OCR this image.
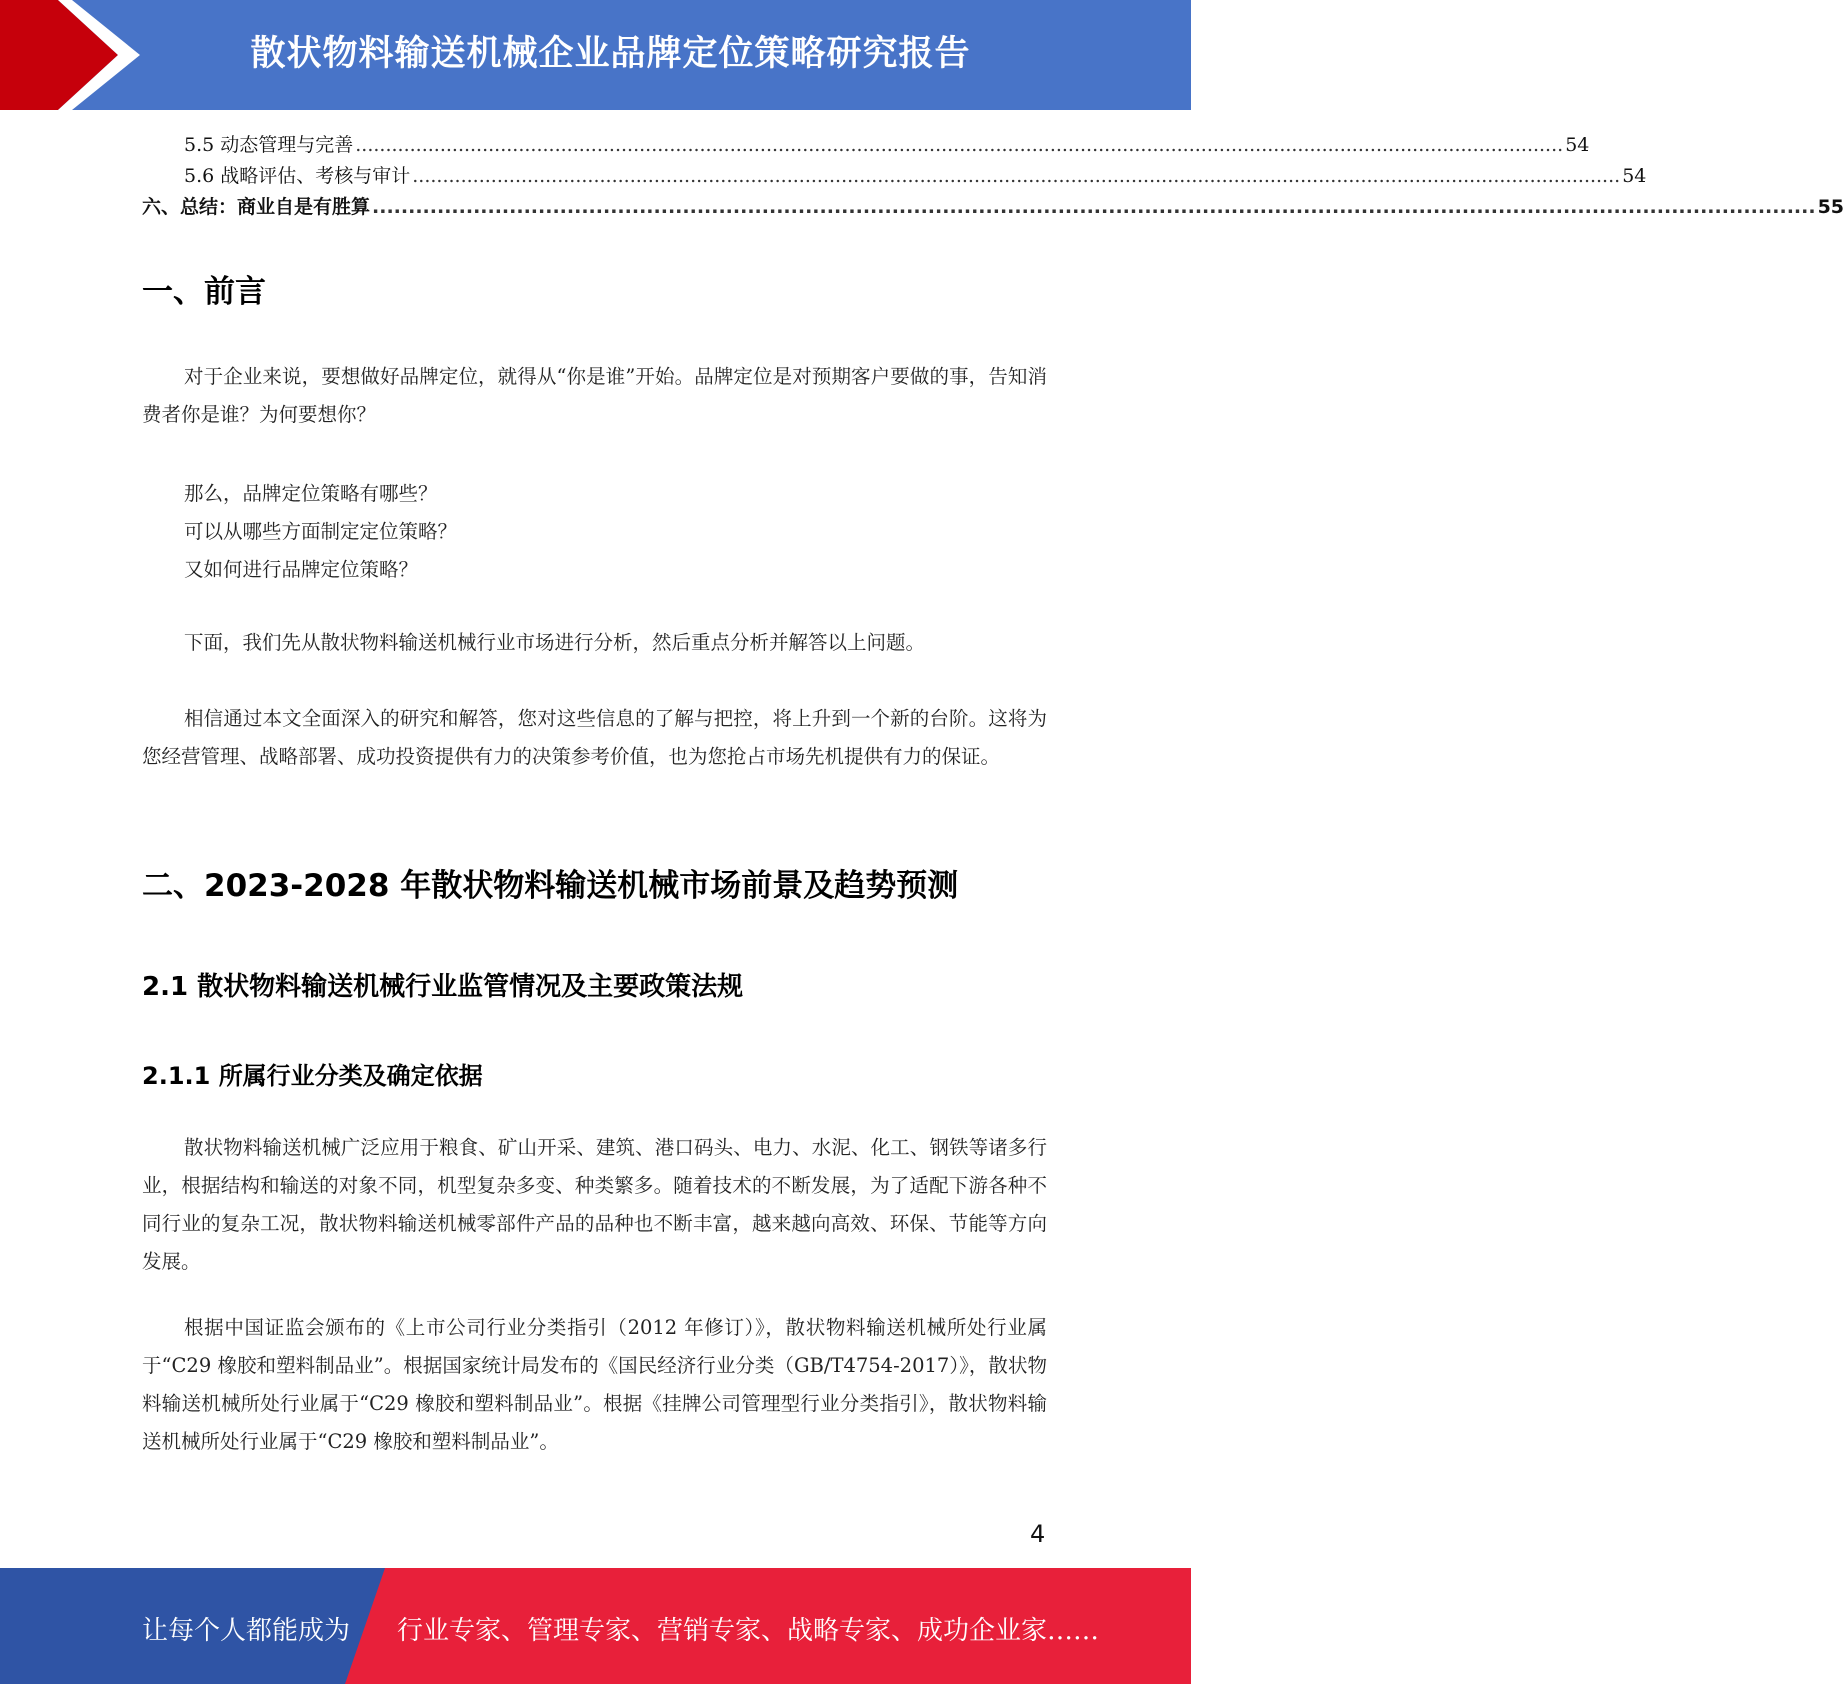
散状物料输送机械企业品牌定位策略研究报告
5.5 动态管理与完善 ........................................................................................................................................................................................................ 54
5.6 战略评估、考核与审计 ........................................................................................................................................................................................................ 54
六、总结：商业自是有胜算 ........................................................................................................................................................................................................ 55
一、前言

对于企业来说，要想做好品牌定位，就得从“你是谁”开始。品牌定位是对预期客户要做的事，告知消费者你是谁？为何要想你？

那么，品牌定位策略有哪些？
可以从哪些方面制定定位策略？
又如何进行品牌定位策略？

下面，我们先从散状物料输送机械行业市场进行分析，然后重点分析并解答以上问题。

相信通过本文全面深入的研究和解答，您对这些信息的了解与把控，将上升到一个新的台阶。这将为您经营管理、战略部署、成功投资提供有力的决策参考价值，也为您抢占市场先机提供有力的保证。

二、2023-2028 年散状物料输送机械市场前景及趋势预测
2.1 散状物料输送机械行业监管情况及主要政策法规
2.1.1 所属行业分类及确定依据

散状物料输送机械广泛应用于粮食、矿山开采、建筑、港口码头、电力、水泥、化工、钢铁等诸多行业，根据结构和输送的对象不同，机型复杂多变、种类繁多。随着技术的不断发展，为了适配下游各种不同行业的复杂工况，散状物料输送机械零部件产品的品种也不断丰富，越来越向高效、环保、节能等方向发展。

根据中国证监会颁布的《上市公司行业分类指引（2012 年修订）》，散状物料输送机械所处行业属于“C29 橡胶和塑料制品业”。根据国家统计局发布的《国民经济行业分类（GB/T4754-2017）》，散状物料输送机械所处行业属于“C29 橡胶和塑料制品业”。根据《挂牌公司管理型行业分类指引》，散状物料输送机械所处行业属于“C29 橡胶和塑料制品业”。

4
让每个人都能成为 行业专家、管理专家、营销专家、战略专家、成功企业家……
